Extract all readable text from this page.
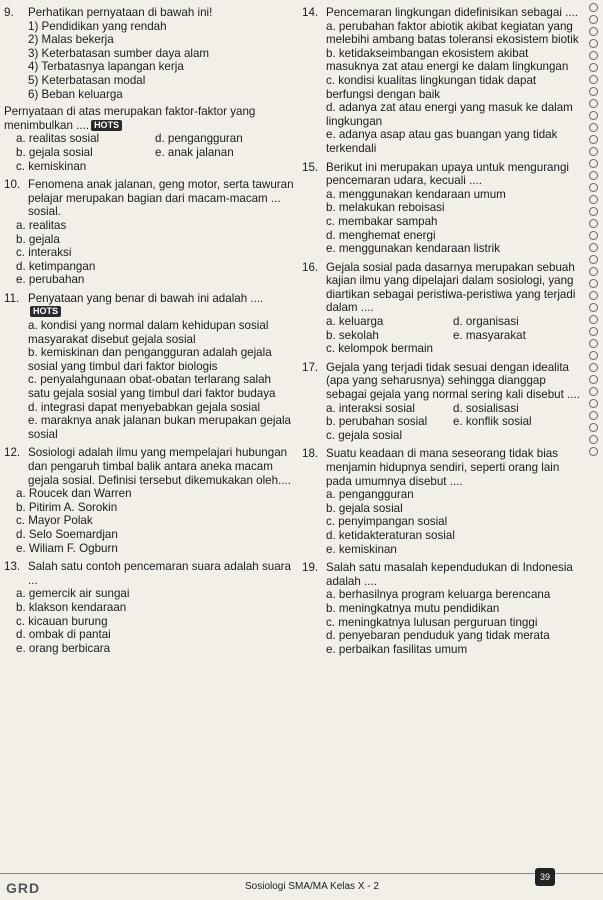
9.	Perhatikan pernyataan di bawah ini!
1) Pendidikan yang rendah
2) Malas bekerja
3) Keterbatasan sumber daya alam
4) Terbatasnya lapangan kerja
5) Keterbatasan modal
6) Beban keluarga
Pernyataan di atas merupakan faktor-faktor yang menimbulkan .... HOTS
a. realitas sosial	d. pengangguran
b. gejala sosial	e. anak jalanan
c. kemiskinan
10. Fenomena anak jalanan, geng motor, serta tawuran pelajar merupakan bagian dari macam-macam ... sosial.
a. realitas
b. gejala
c. interaksi
d. ketimpangan
e. perubahan
11. Penyataan yang benar di bawah ini adalah ....HOTS
a. kondisi yang normal dalam kehidupan sosial masyarakat disebut gejala sosial
b. kemiskinan dan pengangguran adalah gejala sosial yang timbul dari faktor biologis
c. penyalahgunaan obat-obatan terlarang salah satu gejala sosial yang timbul dari faktor budaya
d. integrasi dapat menyebabkan gejala sosial
e. maraknya anak jalanan bukan merupakan gejala sosial
12. Sosiologi adalah ilmu yang mempelajari hubungan dan pengaruh timbal balik antara aneka macam gejala sosial. Definisi tersebut dikemukakan oleh....
a. Roucek dan Warren
b. Pitirim A. Sorokin
c. Mayor Polak
d. Selo Soemardjan
e. Wiliam F. Ogburn
13. Salah satu contoh pencemaran suara adalah suara ...
a. gemercik air sungai
b. klakson kendaraan
c. kicauan burung
d. ombak di pantai
e. orang berbicara
14. Pencemaran lingkungan didefinisikan sebagai ....
a. perubahan faktor abiotik akibat kegiatan yang melebihi ambang batas toleransi ekosistem biotik
b. ketidakseimbangan ekosistem akibat masuknya zat atau energi ke dalam lingkungan
c. kondisi kualitas lingkungan tidak dapat berfungsi dengan baik
d. adanya zat atau energi yang masuk ke dalam lingkungan
e. adanya asap atau gas buangan yang tidak terkendali
15. Berikut ini merupakan upaya untuk mengurangi pencemaran udara, kecuali ....
a. menggunakan kendaraan umum
b. melakukan reboisasi
c. membakar sampah
d. menghemat energi
e. menggunakan kendaraan listrik
16. Gejala sosial pada dasarnya merupakan sebuah kajian ilmu yang dipelajari dalam sosiologi, yang diartikan sebagai peristiwa-peristiwa yang terjadi dalam ....
a. keluarga	d. organisasi
b. sekolah	e. masyarakat
c. kelompok bermain
17. Gejala yang terjadi tidak sesuai dengan idealita (apa yang seharusnya) sehingga dianggap sebagai gejala yang normal sering kali disebut ....
a. interaksi sosial	d. sosialisasi
b. perubahan sosial	e. konflik sosial
c. gejala sosial
18. Suatu keadaan di mana seseorang tidak bias menjamin hidupnya sendiri, seperti orang lain pada umumnya disebut ....
a. pengangguran
b. gejala sosial
c. penyimpangan sosial
d. ketidakteraturan sosial
e. kemiskinan
19. Salah satu masalah kependudukan di Indonesia adalah ....
a. berhasilnya program keluarga berencana
b. meningkatnya mutu pendidikan
c. meningkatnya lulusan perguruan tinggi
d. penyebaran penduduk yang tidak merata
e. perbaikan fasilitas umum
GRD	Sosiologi SMA/MA Kelas X - 2
39
